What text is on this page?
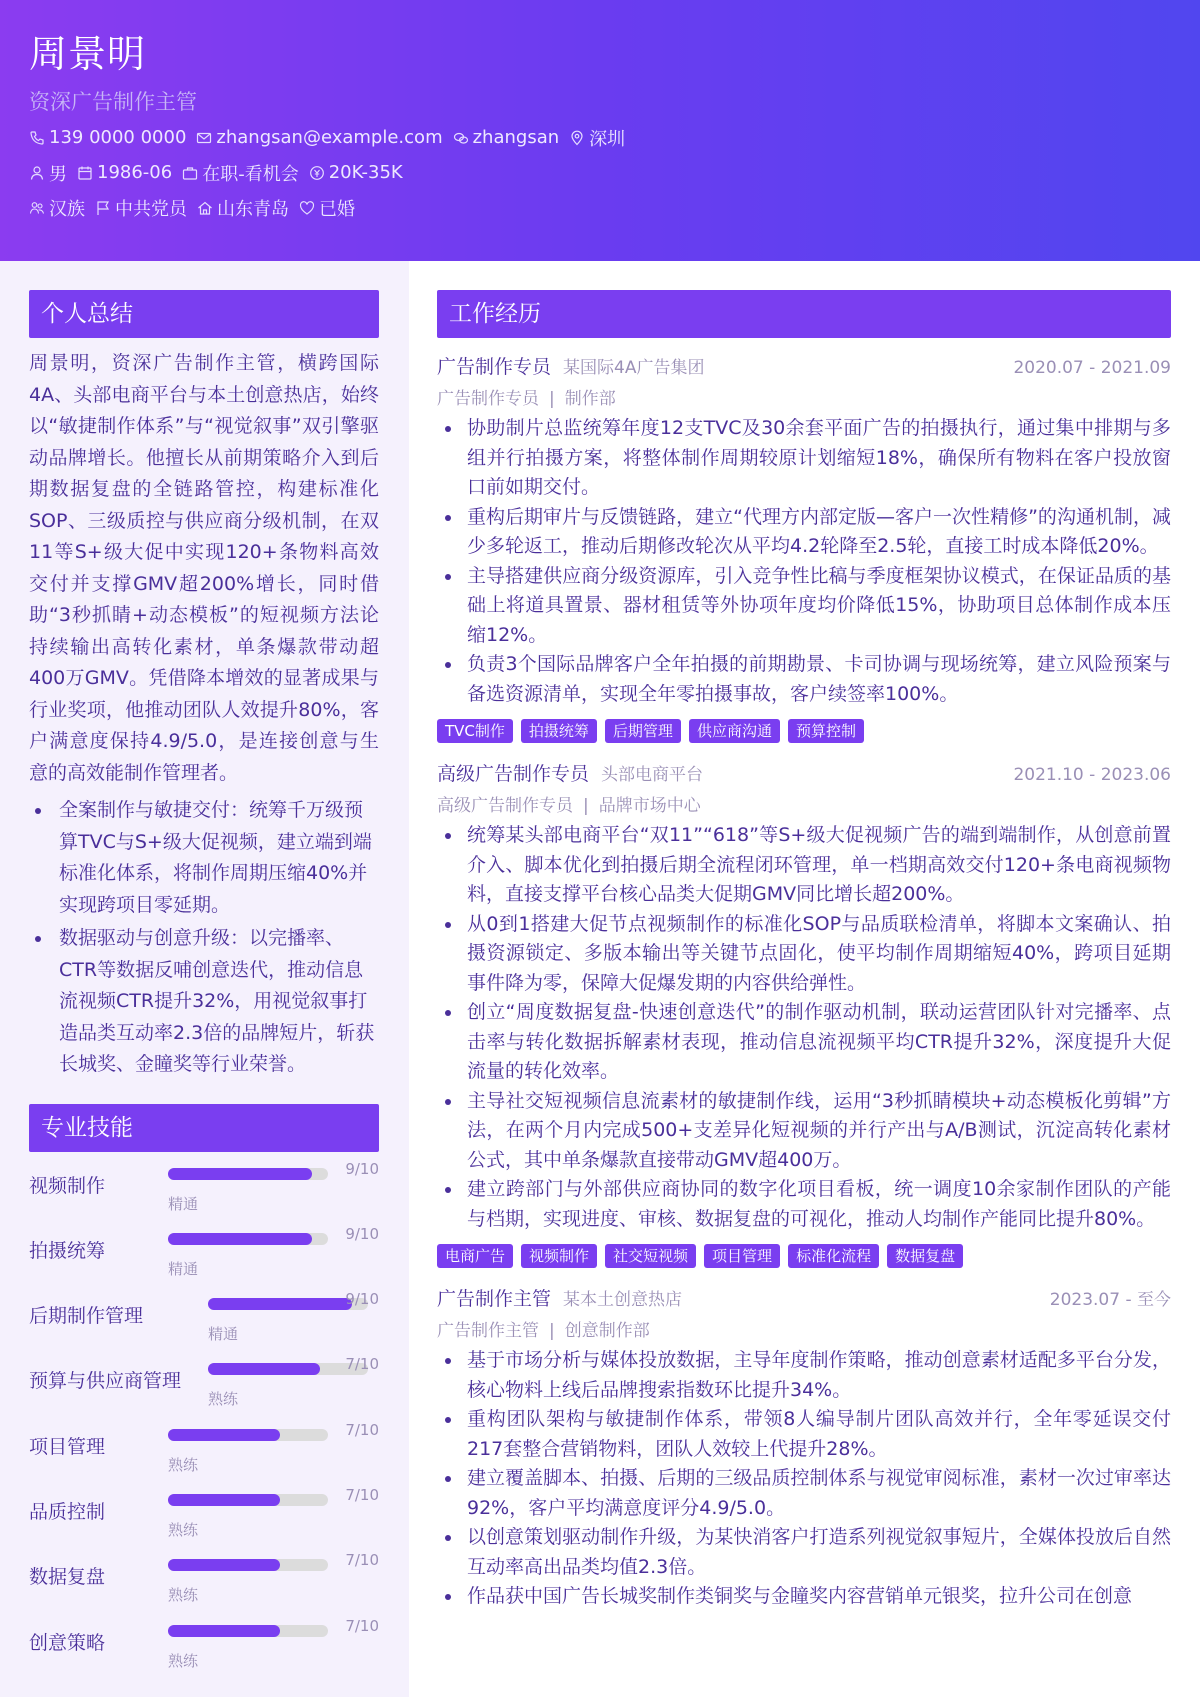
周景明
资深广告制作主管
139 0000 0000 zhangsan@example.com zhangsan 深圳
男 1986-06 在职-看机会 20K-35K
汉族 中共党员 山东青岛 已婚
个人总结
周景明，资深广告制作主管，横跨国际4A、头部电商平台与本土创意热店，始终以“敏捷制作体系”与“视觉叙事”双引擎驱动品牌增长。他擅长从前期策略介入到后期数据复盘的全链路管控，构建标准化SOP、三级质控与供应商分级机制，在双11等S+级大促中实现120+条物料高效交付并支撑GMV超200%增长，同时借助“3秒抓睛+动态模板”的短视频方法论持续输出高转化素材，单条爆款带动超400万GMV。凭借降本增效的显著成果与行业奖项，他推动团队人效提升80%，客户满意度保持4.9/5.0，是连接创意与生意的高效能制作管理者。
全案制作与敏捷交付：统筹千万级预算TVC与S+级大促视频，建立端到端标准化体系，将制作周期压缩40%并实现跨项目零延期。
数据驱动与创意升级：以完播率、CTR等数据反哺创意迭代，推动信息流视频CTR提升32%，用视觉叙事打造品类互动率2.3倍的品牌短片，斩获长城奖、金瞳奖等行业荣誉。
专业技能
视频制作
9/10
精通
拍摄统筹
9/10
精通
后期制作管理
9/10
精通
预算与供应商管理
7/10
熟练
项目管理
7/10
熟练
品质控制
7/10
熟练
数据复盘
7/10
熟练
创意策略
7/10
熟练
工作经历
广告制作专员 某国际4A广告集团	2020.07 - 2021.09
广告制作专员 | 制作部
协助制片总监统筹年度12支TVC及30余套平面广告的拍摄执行，通过集中排期与多组并行拍摄方案，将整体制作周期较原计划缩短18%，确保所有物料在客户投放窗口前如期交付。
重构后期审片与反馈链路，建立“代理方内部定版—客户一次性精修”的沟通机制，减少多轮返工，推动后期修改轮次从平均4.2轮降至2.5轮，直接工时成本降低20%。
主导搭建供应商分级资源库，引入竞争性比稿与季度框架协议模式，在保证品质的基础上将道具置景、器材租赁等外协项年度均价降低15%，协助项目总体制作成本压缩12%。
负责3个国际品牌客户全年拍摄的前期勘景、卡司协调与现场统筹，建立风险预案与备选资源清单，实现全年零拍摄事故，客户续签率100%。
TVC制作	拍摄统筹	后期管理	供应商沟通	预算控制
高级广告制作专员 头部电商平台	2021.10 - 2023.06
高级广告制作专员 | 品牌市场中心
统筹某头部电商平台“双11”“618”等S+级大促视频广告的端到端制作，从创意前置介入、脚本优化到拍摄后期全流程闭环管理，单一档期高效交付120+条电商视频物料，直接支撑平台核心品类大促期GMV同比增长超200%。
从0到1搭建大促节点视频制作的标准化SOP与品质联检清单，将脚本文案确认、拍摄资源锁定、多版本输出等关键节点固化，使平均制作周期缩短40%，跨项目延期事件降为零，保障大促爆发期的内容供给弹性。
创立“周度数据复盘-快速创意迭代”的制作驱动机制，联动运营团队针对完播率、点击率与转化数据拆解素材表现，推动信息流视频平均CTR提升32%，深度提升大促流量的转化效率。
主导社交短视频信息流素材的敏捷制作线，运用“3秒抓睛模块+动态模板化剪辑”方法，在两个月内完成500+支差异化短视频的并行产出与A/B测试，沉淀高转化素材公式，其中单条爆款直接带动GMV超400万。
建立跨部门与外部供应商协同的数字化项目看板，统一调度10余家制作团队的产能与档期，实现进度、审核、数据复盘的可视化，推动人均制作产能同比提升80%。
电商广告	视频制作	社交短视频	项目管理	标准化流程	数据复盘
广告制作主管 某本土创意热店	2023.07 - 至今
广告制作主管 | 创意制作部
基于市场分析与媒体投放数据，主导年度制作策略，推动创意素材适配多平台分发，核心物料上线后品牌搜索指数环比提升34%。
重构团队架构与敏捷制作体系，带领8人编导制片团队高效并行，全年零延误交付217套整合营销物料，团队人效较上代提升28%。
建立覆盖脚本、拍摄、后期的三级品质控制体系与视觉审阅标准，素材一次过审率达92%，客户平均满意度评分4.9/5.0。
以创意策划驱动制作升级，为某快消客户打造系列视觉叙事短片，全媒体投放后自然互动率高出品类均值2.3倍。
作品获中国广告长城奖制作类铜奖与金瞳奖内容营销单元银奖，拉升公司在创意
